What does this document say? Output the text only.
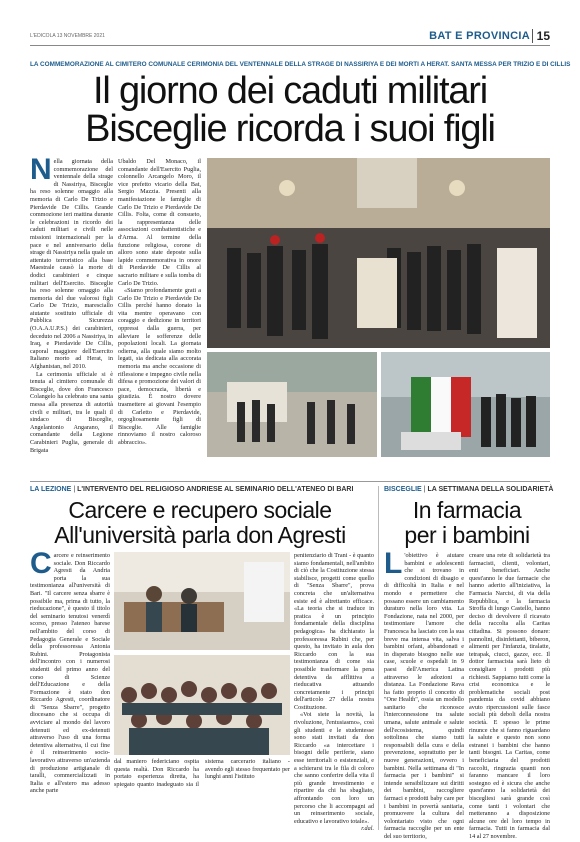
L'EDICOLA 13 NOVEMBRE 2021	BAT E PROVINCIA 15
LA COMMEMORAZIONE AL CIMITERO COMUNALE CERIMONIA DEL VENTENNALE DELLA STRAGE DI NASSIRIYA E DEI MORTI A HERAT. SANTA MESSA PER TRIZIO E DI CILLIS
Il giorno dei caduti militari
Bisceglie ricorda i suoi figli
N ella giornata della commemorazione del ventennale della strage di Nassiriya, Bisceglie ha reso solenne omaggio alla memoria di Carlo De Trizio e Pierdavide De Cillis. Grande commozione ieri mattina durante le celebrazioni in ricordo dei caduti militari e civili nelle missioni internazionali per la pace e nel anniversario della strage di Nassiriya nella quale un attentato terroristico alla base Maestrale causò la morte di dodici carabinieri e cinque militari dell'Esercito. Bisceglie ha reso solenne omaggio alla memoria del due valorosi figli Carlo De Trizio, maresciallo aiutante sostituto ufficiale di Pubblica Sicurezza (O.A.A.U.P.S.) dei carabinieri, deceduto nel 2006 a Nassiriya, in Iraq, e Pierdavide De Cillis, caporal maggiore dell'Esercito Italiano morto ad Herat, in Afghanistan, nel 2010.

La cerimonia ufficiale si è tenuta al cimitero comunale di Bisceglie, dove don Francesco Colangelo ha celebrato una santa messa alla presenza di autorità civili e militari, tra le quali il sindaco di Bisceglie, Angelantonio Angarano, il comandante della Legione Carabinieri Puglia, generale di Brigata

Ubaldo Del Monaco, il comandante dell'Esercito Puglia, colonnello Arcangelo Moro, il vice prefetto vicario della Bat, Sergio Mazzia. Presenti alla manifestazione le famiglie di Carlo De Trizio e Pierdavide De Cillis. Folta, come di consueto, la rappresentanza delle associazioni combattentistiche e d'Arma. Al termine della funzione religiosa, corone di alloro sono state deposte sulla lapide commemorativa in onore di Pierdavide De Cillis al sacrario militare e sulla tomba di Carlo De Trizio.

«Siamo profondamente grati a Carlo De Trizio e Pierdavide De Cillis perché hanno donato la vita mentre operavano con coraggio e dedizione in territori oppressi dalla guerra, per alleviare le sofferenze delle popolazioni locali. La giornata odierna, alla quale siamo molto legati, sia dedicata alla accorata memoria ma anche occasione di riflessione e impegno civile nella difesa e promozione dei valori di pace, democrazia, libertà e giustizia. È nostro dovere trasmettere ai giovani l'esempio di Carletto e Pierdavide, orgogliosamente figli di Bisceglie. Alle famiglie rinnoviamo il nostro caloroso abbraccio».

LA LEZIONE | L'INTERVENTO DEL RELIGIOSO ANDRIESE AL SEMINARIO DELL'ATENEO DI BARI
Carcere e recupero sociale
All'università parla don Agresti
C arcere e reinserimento sociale. Don Riccardo Agresti da Andria porta la sua testimonianza all'università di Bari. "Il carcere senza sbarre è possibile ma, prima di tutto, la rieducazione", è questo il titolo del seminario tenutosi venerdì scorso, presso l'ateneo barese nell'ambito del corso di Pedagogia Generale e Sociale della professoressa Antonia Rubini. Protagonista dell'incontro con i numerosi studenti del primo anno del corso di Scienze dell'Educazione e della Formazione è stato don Riccardo Agresti, coordinatore di "Senza Sbarre", progetto diocesano che si occupa di avviciare al mondo del lavoro detenuti ed ex-detenuti attraverso l'uso di una forma detentiva alternativa, il cui fine è il reinserimento socio-lavorativo attraverso un'azienda di produzione artigianale di taralli, commercializzati in Italia e all'estero ma adesso anche parte
dal maniero federiciano ospita questa realtà. Don Riccardo ha portato esperienza diretta, ha spiegato quanto inadeguato sia il sistema carcerario italiano - avendo egli stesso frequentato per lunghi anni l'istituto

penitenziario di Trani - è quanto siamo fondamentali, nell'ambito di ciò che la Costituzione stessa stabilisce, progetti come quello di "Senza Sbarre", prova concreta che un'alternativa esiste ed è altrettanto efficace. «La teoria che si traduce in pratica è un principio fondamentale della disciplina pedagogica» ha dichiarato la professoressa Rubini che, per questo, ha invitato in aula don Riccardo con la sua testimonianza di come sia possibile trasformare la pena detentiva da afflittiva a rieducativa attuando concretamente i principi dell'articolo 27 della nostra Costituzione.

«Voi siete la novità, la rivoluzione, l'entusiasmo», così gli studenti e le studentesse sono stati invitati da don Riccardo «a intercettare i bisogni delle periferie, siano esse territoriali o esistenziali, e a schierarsi tra le fila di coloro che sanno conferire della vita il più grande investimento e ripartire da chi ha sbagliato, affrontando con loro un percorso che li accompagni ad un reinserimento sociale, educativo e lavorativo totale».

r.dal.
BISCEGLIE | LA SETTIMANA DELLA SOLIDARIETÀ
In farmacia
per i bambini
L 'obiettivo è aiutare bambini e adolescenti che si trovano in condizioni di disagio e di difficoltà in Italia e nel mondo e permettere che possano essere un cambiamento duraturo nella loro vita. La Fondazione, nata nel 2000, per testimoniare l'amore che Francesca ha lasciato con la sua breve ma intensa vita, salva i bambini orfani, abbandonati e in disperato bisogno nelle sue case, scuole e ospedali in 9 paesi dell'America Latina attraverso le adozioni a distanza. La Fondazione Rava ha fatto proprio il concetto di "One Health", ossia un modello sanitario che riconosce l'interconnessione tra salute umana, salute animale e salute dell'ecosistema, quindi sottolinea che siamo tutti responsabili della cura e della prevenzione, soprattutto per le nuove generazioni, ovvero i bambini. Nella settimana di "In farmacia per i bambini" si intende sensibilizzare sui diritti dei bambini, raccogliere farmaci e prodotti baby care per i bambini in povertà sanitaria, promuovere la cultura del volontariato visto che ogni farmacia raccoglie per un ente del suo territorio,

creare una rete di solidarietà tra farmacisti, clienti, volontari, enti beneficiari. Anche quest'anno le due farmacie che hanno aderito all'iniziativa, la Farmacia Narcisi, di via della Repubblica, e la farmacia Stroffa di lungo Castello, hanno deciso di devolvere il ricavato della raccolta alla Caritas cittadina. Si possono donare: pannolini, disinfettanti, biberon, alimenti per l'infanzia, tiralatte, tetrapak, ciucci, gazze, ecc. Il dottor farmacista sarà lieto di consigliare i prodotti più richiesti. Sappiamo tutti come la crisi economica e le problematiche sociali post pandemia da covid abbiano avuto ripercussioni sulle fasce sociali più deboli della nostra società. E spesso le prime rinunce che si fanno riguardano la salute e questo non sono estranei i bambini che hanno tanti bisogni. La Caritas, come beneficiaria del prodotti raccolti, ringrazia quanti non faranno mancare il loro sostegno ed è sicura che anche quest'anno la solidarietà dei biscegliesi sarà grande così come tanti i volontari che metteranno a disposizione alcune ore del loro tempo in farmacia. Tutti in farmacia dal 14 al 27 novembre.
